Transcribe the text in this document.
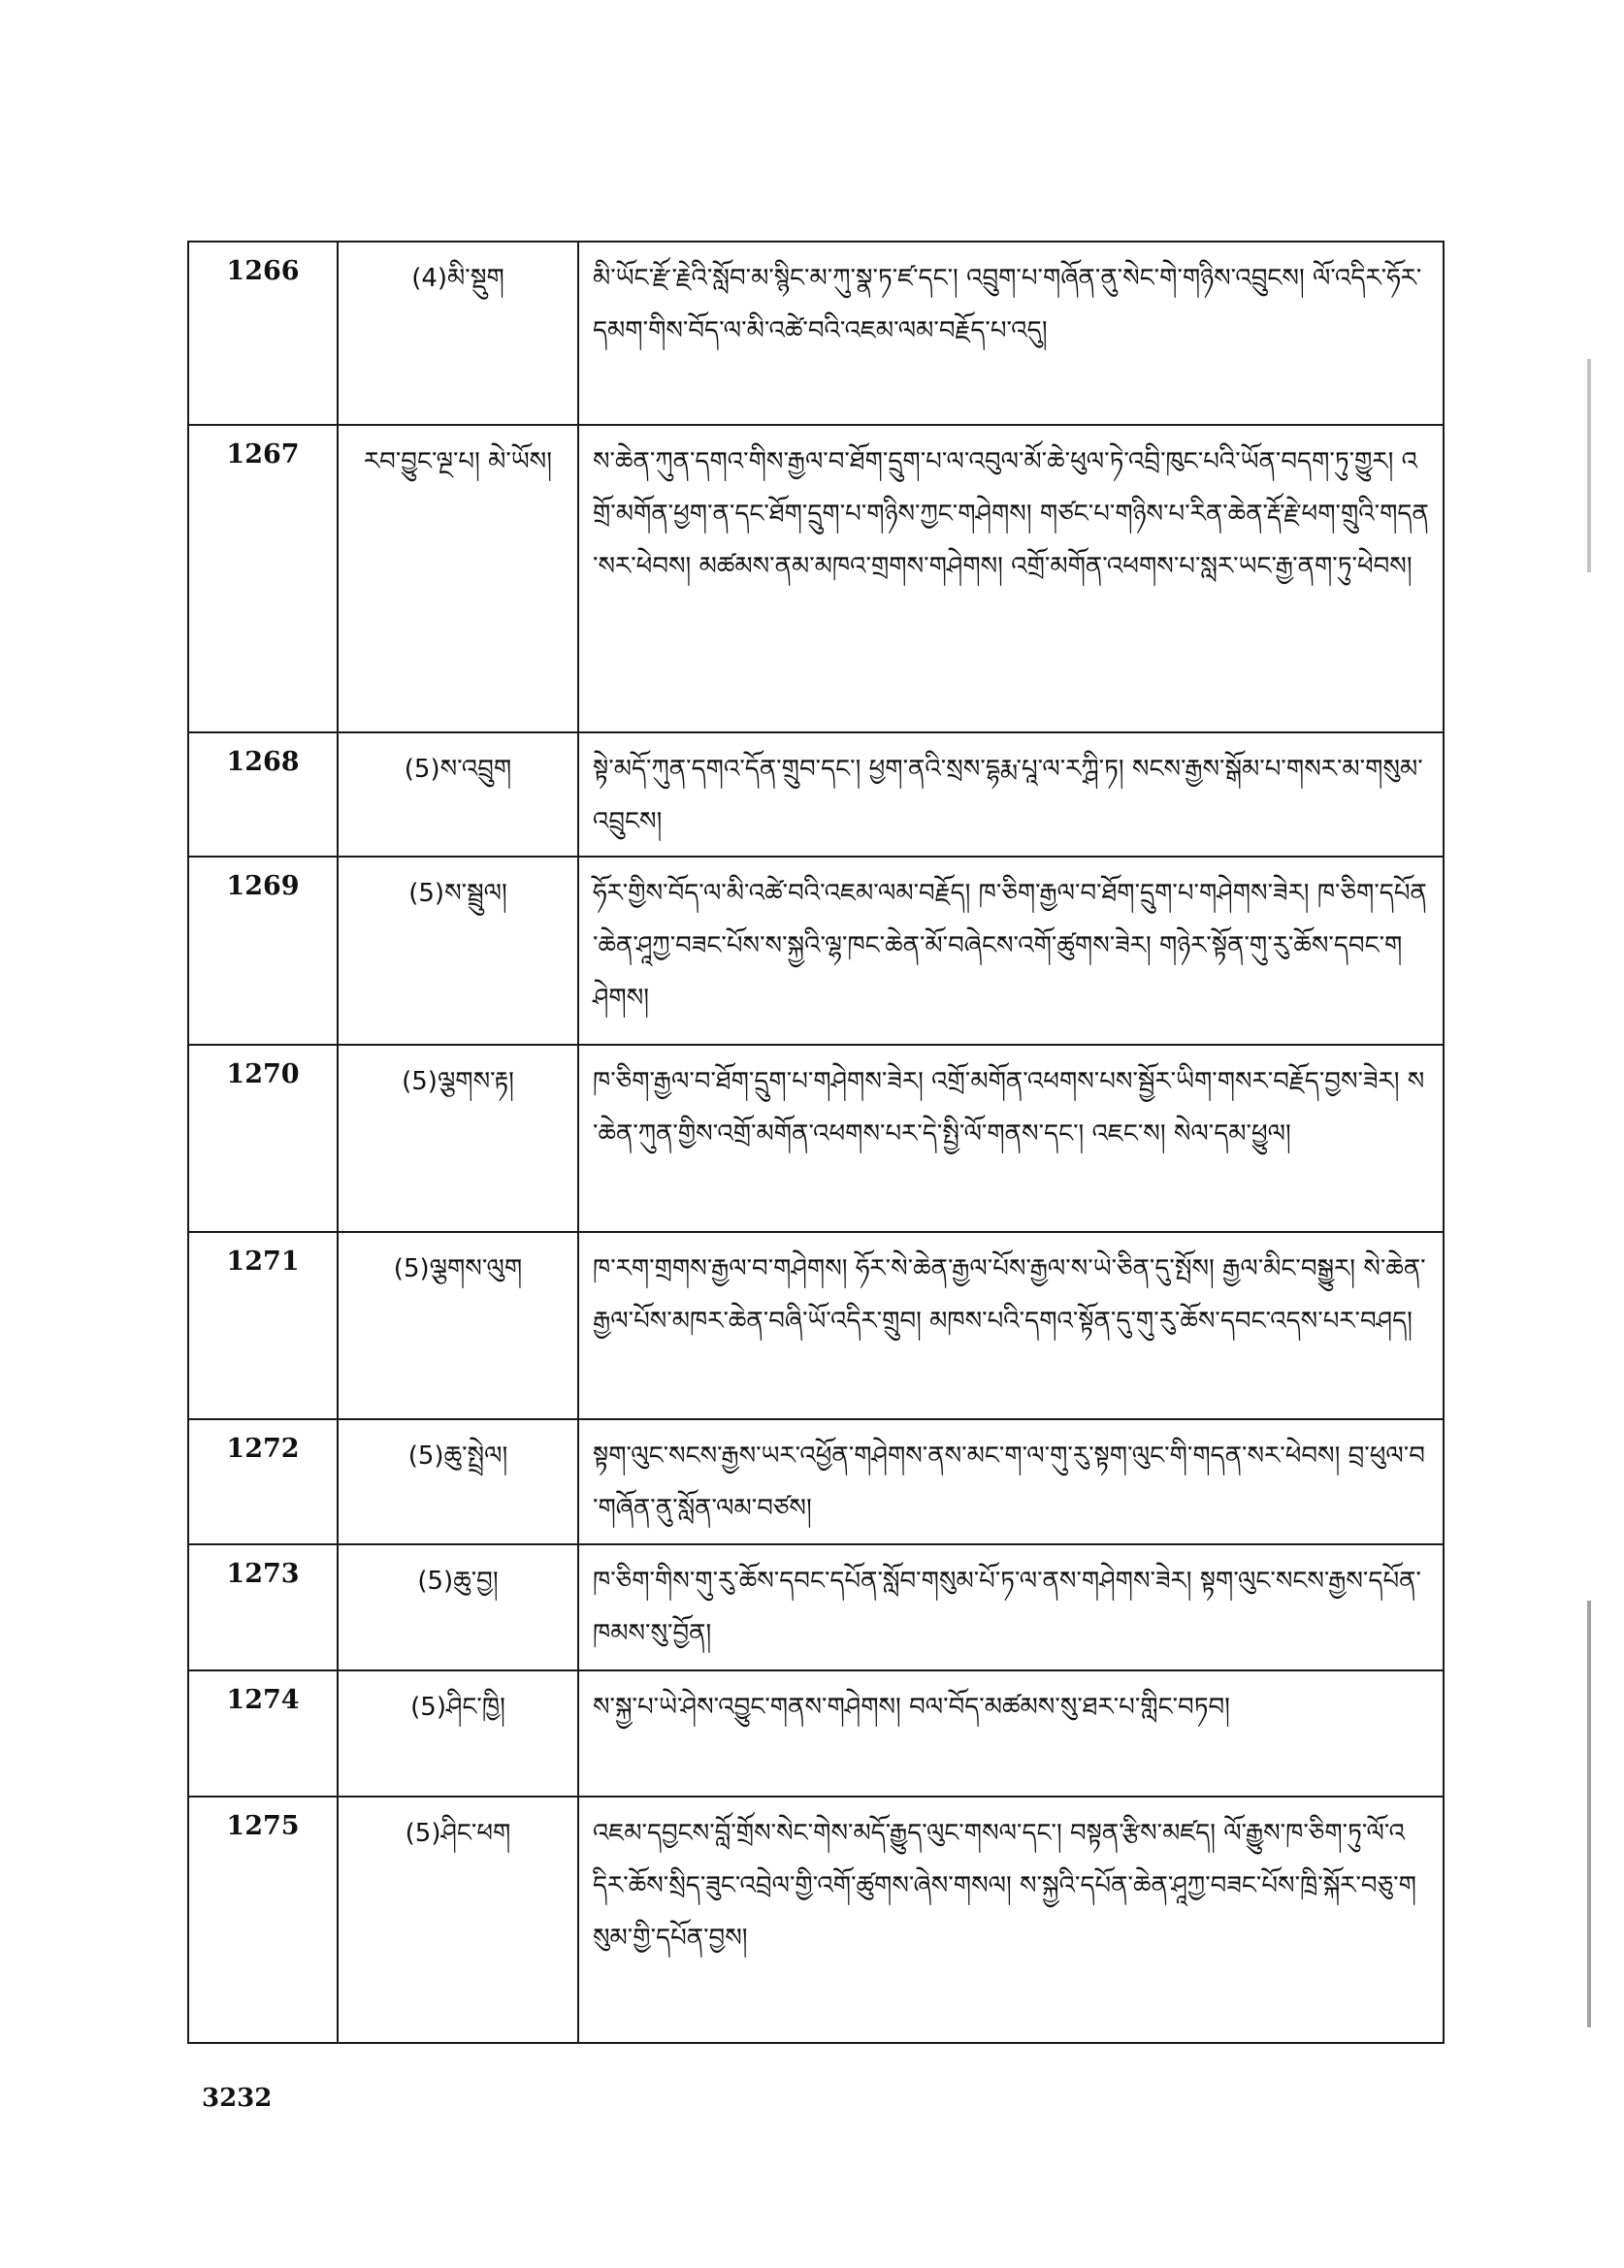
1266	(4)མི་སྡུག	མི་ཡོང་རྫོ་རྗེའི་སློབ་མ་སྙིང་མ་ཀུ་སྣ་ཏ་ཛ་དང་། འབྲུག་པ་གཞོན་ནུ་སེང་གེ་གཉིས་འབྲུངས། ལོ་འདིར་ཧོར་དམག་གིས་བོད་ལ་མི་འཚེ་བའི་འཇམ་ལམ་བརྗོད་པ་འདུ།
1267	རབ་བྱུང་ལྔ་པ། མེ་ཡོས།	ས་ཆེན་ཀུན་དགའ་གིས་རྒྱལ་བ་ཐོག་དྲུག་པ་ལ་འབུལ་མོ་ཆེ་ཕུལ་ཏེ་འབྲི་ཁུང་པའི་ཡོན་བདག་ཏུ་གྱུར། འགྲོ་མགོན་ཕྱག་ན་དང་ཐོག་དྲུག་པ་གཉིས་ཀྱང་གཤེགས། གཙང་པ་གཉིས་པ་རིན་ཆེན་རྡོ་རྗེ་ཕག་གྲུའི་གདན་སར་ཕེབས། མཚམས་ནམ་མཁའ་གྲགས་གཤེགས། འགྲོ་མགོན་འཕགས་པ་སླར་ཡང་རྒྱ་ནག་ཏུ་ཕེབས།
1268	(5)ས་འབྲུག	སྟེ་མདོ་ཀུན་དགའ་དོན་གྲུབ་དང་། ཕྱག་ནའི་སྲས་དྷརྨ་པཱ་ལ་རཀྴི་ཏ། སངས་རྒྱས་སྒོམ་པ་གསར་མ་གསུམ་འབྲུངས།
1269	(5)ས་སྦྲུལ།	ཧོར་གྱིས་བོད་ལ་མི་འཚེ་བའི་འཇམ་ལམ་བརྗོད། ཁ་ཅིག་རྒྱལ་བ་ཐོག་དྲུག་པ་གཤེགས་ཟེར། ཁ་ཅིག་དཔོན་ཆེན་ཤཱཀྱ་བཟང་པོས་ས་སྐྱའི་ལྷ་ཁང་ཆེན་མོ་བཞེངས་འགོ་ཚུགས་ཟེར། གཉེར་སྟོན་གུ་རུ་ཆོས་དབང་གཤེགས།
1270	(5)ལྕགས་རྟ།	ཁ་ཅིག་རྒྱལ་བ་ཐོག་དྲུག་པ་གཤེགས་ཟེར། འགྲོ་མགོན་འཕགས་པས་སྦྱོར་ཡིག་གསར་བརྗོད་བྱས་ཟེར། ས་ཆེན་ཀུན་གྱིས་འགྲོ་མགོན་འཕགས་པར་དེ་སྤྱི་ལོ་གནས་དང་། འཇང་ས། སེལ་དམ་ཕྱུལ།
1271	(5)ལྕགས་ལུག	ཁ་རག་གྲགས་རྒྱལ་བ་གཤེགས། ཧོར་སེ་ཆེན་རྒྱལ་པོས་རྒྱལ་ས་ཡེ་ཅིན་དུ་སྤོས། རྒྱལ་མིང་བསྒྱུར། སེ་ཆེན་རྒྱལ་པོས་མཁར་ཆེན་བཞི་ཡོ་འདིར་གྲུབ། མཁས་པའི་དགའ་སྟོན་དུ་གུ་རུ་ཆོས་དབང་འདས་པར་བཤད།
1272	(5)ཆུ་སྤྲེལ།	སྟག་ལུང་སངས་རྒྱས་ཡར་འཕྱོན་གཤེགས་ནས་མང་ག་ལ་གུ་རུ་སྟག་ལུང་གི་གདན་སར་ཕེབས། བྲ་ཕུལ་བ་གཞོན་ནུ་སློན་ལམ་བཙས།
1273	(5)ཆུ་བྱ།	ཁ་ཅིག་གིས་གུ་རུ་ཆོས་དབང་དཔོན་སློབ་གསུམ་པོ་ཏ་ལ་ནས་གཤེགས་ཟེར། སྟག་ལུང་སངས་རྒྱས་དཔོན་ཁམས་སུ་བྱོན།
1274	(5)ཤིང་ཁྱི།	ས་སྐྱ་པ་ཡེ་ཤེས་འབྱུང་གནས་གཤེགས། བལ་བོད་མཚམས་སུ་ཐར་པ་གླིང་བཏབ།
1275	(5)ཤིང་ཕག	འཇམ་དབྱངས་བློ་གྲོས་སེང་གེས་མདོ་རྒྱུད་ལུང་གསལ་དང་། བསྟན་རྩིས་མཛད། ལོ་རྒྱུས་ཁ་ཅིག་ཏུ་ལོ་འདིར་ཆོས་སྲིད་ཟུང་འབྲེལ་གྱི་འགོ་ཚུགས་ཞེས་གསལ། ས་སྐྱའི་དཔོན་ཆེན་ཤཱཀྱ་བཟང་པོས་ཁྲི་སྐོར་བཅུ་གསུམ་གྱི་དཔོན་བྱས།
3232
